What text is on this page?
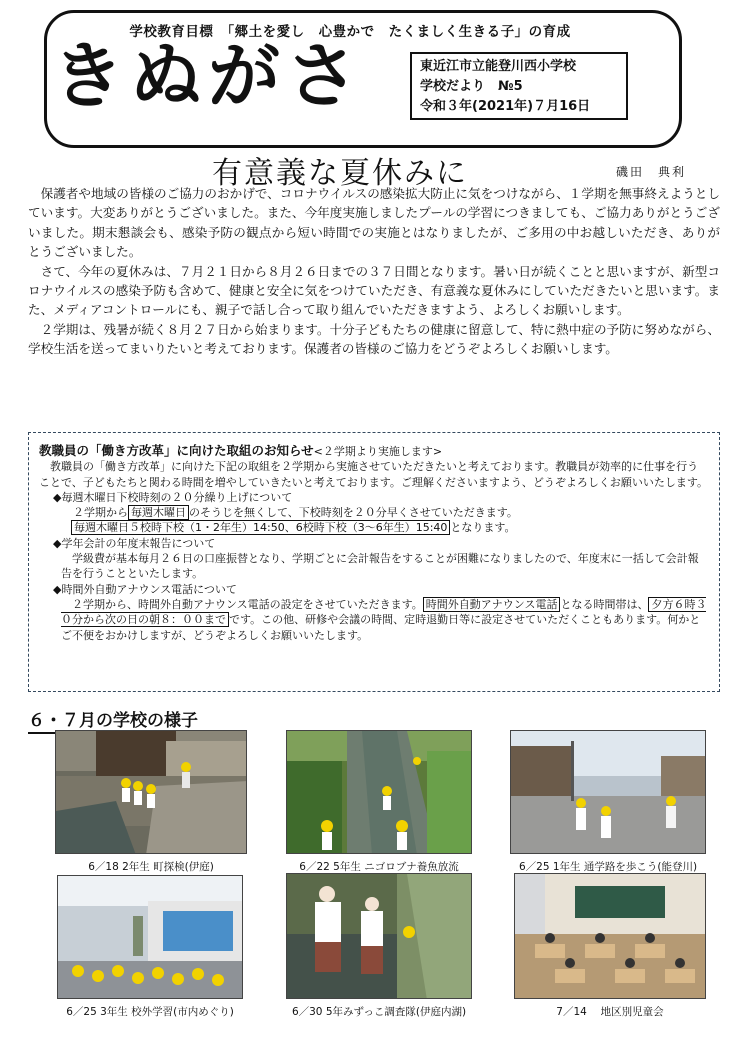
学校教育目標　「郷土を愛し　心豊かで　たくましく生きる子」の育成
きぬがさ	東近江市立能登川西小学校
学校だより　№5
令和３年(2021年)７月16日
有意義な夏休みに	磯田　典利

保護者や地域の皆様のご協力のおかげで、コロナウイルスの感染拡大防止に気をつけながら、１学期を無事終えようとしています。大変ありがとうございました。また、今年度実施しましたプールの学習につきましても、ご協力ありがとうございました。期末懇談会も、感染予防の観点から短い時間での実施とはなりましたが、ご多用の中お越しいただき、ありがとうございました。

さて、今年の夏休みは、７月２１日から８月２６日までの３７日間となります。暑い日が続くことと思いますが、新型コロナウイルスの感染予防も含めて、健康と安全に気をつけていただき、有意義な夏休みにしていただきたいと思います。また、メディアコントロールにも、親子で話し合って取り組んでいただきますよう、よろしくお願いします。

２学期は、残暑が続く８月２７日から始まります。十分子どもたちの健康に留意して、特に熱中症の予防に努めながら、学校生活を送ってまいりたいと考えております。保護者の皆様のご協力をどうぞよろしくお願いします。

教職員の「働き方改革」に向けた取組のお知らせ<２学期より実施します>
教職員の「働き方改革」に向けた下記の取組を２学期から実施させていただきたいと考えております。教職員が効率的に仕事を行うことで、子どもたちと関わる時間を増やしていきたいと考えております。ご理解くださいますよう、どうぞよろしくお願いいたします。
◆毎週木曜日下校時刻の２０分繰り上げについて
２学期から 毎週木曜日 のそうじを無くして、下校時刻を２０分早くさせていただきます。
毎週木曜日５校時下校（1・2年生）14:50、6校時下校（3〜6年生）15:40 となります。
◆学年会計の年度末報告について
学級費が基本毎月２６日の口座振替となり、学期ごとに会計報告をすることが困難になりましたので、年度末に一括して会計報告を行うことといたします。
◆時間外自動アナウンス電話について
２学期から、時間外自動アナウンス電話の設定をさせていただきます。 時間外自動アナウンス電話 となる時間帯は、 夕方６時３０分から次の日の朝８：００まで です。この他、研修や会議の時間、定時退勤日等に設定させていただくこともあります。何かとご不便をおかけしますが、どうぞよろしくお願いいたします。
６・７月の学校の様子
6／18 2年生 町探検(伊庭)	6／22 5年生 ニゴロブナ養魚放流	6／25 1年生 通学路を歩こう(能登川)
6／25 3年生 校外学習(市内めぐり)	6／30 5年みずっこ調査隊(伊庭内湖)	7／14　 地区別児童会
